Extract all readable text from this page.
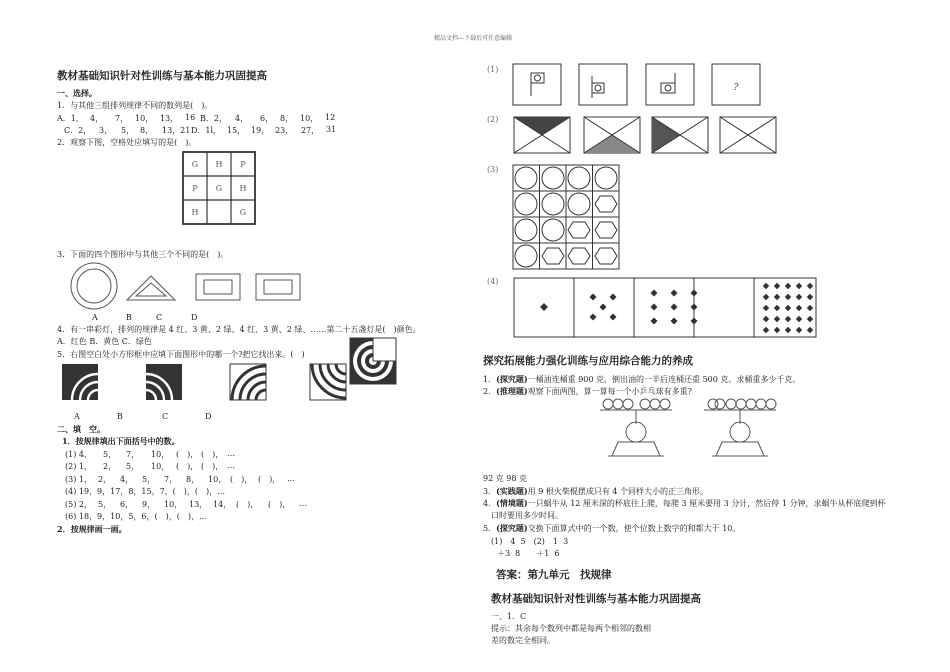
精品文档---下载后可任意编辑
教材基础知识针对性训练与基本能力巩固提高
一、选择。
1．与其他三组排列规律不同的数列是(　)。
A．1， 4， 7， 10， 13， 16 B．2， 4， 6， 8， 10， 12
C．2， 3， 5， 8， 13，21 D．1l， 15， 19， 23， 27， 31
2．观察下图，空格处应填写的是(　)。
G H P
P G H
H	G
3．下面的四个图形中与其他三个不同的是(　)。
A	B	C	D
4．有一串彩灯，排列的规律是 4 红、3 黄、2 绿、4 红、3 黄、2 绿、……第二十五盏灯是(　)颜色。
A．红色 B．黄色 C．绿色
5．右图空白处小方形框中应填下面图形中的哪一个?把它找出来。(　)
A	B	C	D
二、填　空。
1．按规律填出下面括号中的数。
(1) 4， 5， 7， 10， (　)， (　)， …
(2) 1， 2， 5， 10， (　)， (　)， …
(3) 1， 2， 4， 5， 7， 8， 10， (　)， (　)， …
(4) 19，9，17，8，15，7，(　)，(　)，…
(5) 2， 5， 6， 9， 10， 13， 14， (　)， (　)， …
(6) 18，9，10，5，6，(　)，(　)，…
2．按规律画一画。
(1)
(2)
(3)
(4)
?
探究拓展能力强化训练与应用综合能力的养成
1．(探究题)一桶油连桶重 900 克，倒出油的一半后连桶还重 500 克。求桶重多少千克。
2．(推理题)观察下面两图，算一算每一个小乒乓球有多重?
92 克 98 克
3．(实践题)用 9 根火柴棍摆成只有 4 个同样大小的正三角形。
4．(情境题)一只蜗牛从 12 厘米深的杯底往上爬，每爬 3 厘米要用 3 分计，然后停 1 分钟，求蜗牛从杯底爬到杯
口时要用多少时间。
5．(探究题)交换下面算式中的一个数，使个位数上数字的和都大于 10。
(1)　4  5　(2)　1  3
＋3  8　　＋1  6
答案：第九单元　找规律
教材基础知识针对性训练与基本能力巩固提高
一、1．C
提示：其余每个数列中都是每两个相邻的数相
差的数完全相同。
